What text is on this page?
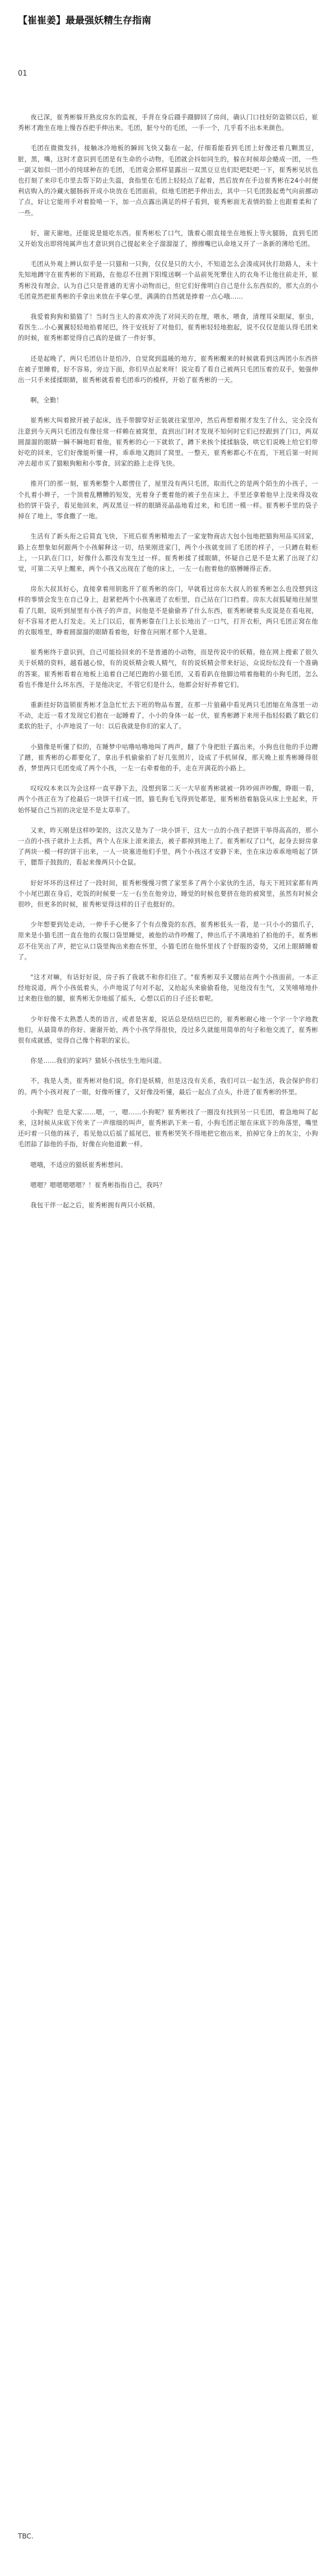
【崔崔姜】最最强妖精生存指南
01

夜已深，崔秀彬躲开熟皮房东的监视，手背在身后蹑手蹑脚回了房间，确认门口挂好防盗锁以后，崔秀彬才跑坐在地上慢吞吞把手伸出来。毛团，脏兮兮的毛团，一手一个，几乎看不出本来颜色。

毛团在微微发抖，接触冰冷地板的瞬间飞快又黏在一起，仔细看能看到毛团上好像还着几颗黑豆，脏，黑，嘴，这时才意识到毛团是有生命的小动物。毛团就会抖如同生的，躲在时候却会蜷成一团，一些一副又如似一团小的纯球种在的毛团，毛团竟会那样显露出一双黑豆豆也们眨吧眨吧一下，崔秀彬见状也也打刻了来印毛巾里去帮下防止失温，食指里在毛团上轻轻点了起着，然后放弃在手边崔秀彬在24小时便利店购入的冷藏火腿肠拆开成小块放在毛团面前，似地毛团把手伸出去，其中一只毛团鼓起勇气向前挪动了点，好让它能用手对着脸啃一下，加一点点露出满足的样子看到，崔秀彬面无表情的脸上也跟着柔和了一些。

好，谢天谢地。还能说是能吃东西。崔秀彬松了口气，饿着心眼直接坐在地板上等火腿肠，直到毛团又开始发出即将纯属声也才意识到自己提起来全子溜溜湿了，擦擦嘴巴认命地又开了一条新的薄给毛团。

毛团从外观上辨认似乎是一只猫和一只狗，仅仅是只的大小，不知道怎么会凑成同伙打劫路人，未十先知地蹲守在崔秀彬的下班路，在他忍不住拥下阳缆送啊一个品前死死犟住人的衣角不让他往前走开，崔秀彬没有理会，认为自己只是普通的无害小动物而已，但它们好像明白自己是什么东西似的，那大点的小毛团竟然把崔秀彬的手拿出来放在手掌心里，满满的自然就是捧着一点心哦……

我爱着狗狗和猫猫了！当时当主人的喜欢冲洗了对同天的在理，喂水，喂食，清理耳朵眼屎，驱虫，看医生...小心翼翼轻轻地掐着尾巴，终于安抚好了对他们，崔秀彬轻轻地抱起，说不仅仅是能认得毛团来的时候，崔秀彬都觉得自己真的是做了一件好事。

还是起晚了，两只毛团估计是怕冷，自觉窝到温暖的地方，崔秀彬醒来的时候就看到这两团小东西挤在被子里睡着，好不容易，旁边下面，你们早点起来呀！说完看了看自己被两只毛团压着的双手，勉强伸出一只手来揉揉眼睛，崔秀彬就看着毛团乖巧的模样，开始了崔秀彬的一天。

啊，全勤！

崔秀彬大叫着掀开被子起床，连手带脚穿好正装就往家里冲，然后再想着刚才发生了什么，完全没有注意到今天两只毛团没有像往常一样赖在被窝里，直到出门时才发现不知何时它们已经跟到了门口，两双圆溜溜的眼睛一瞬不瞬地盯着他，崔秀彬的心一下就软了，蹲下来挨个揉揉脑袋，哄它们说晚上给它们带好吃的回来，它们好像能听懂一样，乖乖地又跑回了窝里。一整天，崔秀彬都心不在焉，下班后第一时间冲去超市买了猫粮狗粮和小零食，回家的路上走得飞快。

推开门的那一刻，崔秀彬整个人都愣住了，屋里没有两只毛团，取而代之的是两个陌生的小孩子，一个扎着小辫子，一个顶着乱糟糟的短发，光着身子裹着他的被子坐在床上，手里还拿着他早上没来得及收拾的饼干袋子，看见他回来，两双黑豆一样的眼睛亮晶晶地看过来，和毛团一模一样。崔秀彬手里的袋子掉在了地上，零食撒了一地。

生活有了新头衔之后简直飞快，下班后崔秀彬精地去了一家宠物商店大包小包地把猫狗用品买回家，路上在想象如何跟两个小孩解释这一切，结果刚进家门，两个小孩就变回了毛团的样子，一只蹲在鞋柜上，一只趴在门口，好像什么都没有发生过一样。崔秀彬揉了揉眼睛，怀疑自己是不是太累了出现了幻觉，可第二天早上醒来，两个小孩又出现在了他的床上，一左一右抱着他的胳膊睡得正香。

房东大叔其好心，直接拿着用钥匙开了崔秀彬的房门，早就看过房东大叔人的崔秀彬怎么也没想到这样的事情会发生在自己身上，赶紧把两个小孩塞进了衣柜里，自己站在门口挡着。房东大叔狐疑地往屋里看了几眼，说听到屋里有小孩子的声音，问他是不是偷偷养了什么东西，崔秀彬硬着头皮说是在看电视，好不容易才把人打发走。关上门以后，崔秀彬靠在门上长长地出了一口气，打开衣柜，两只毛团正窝在他的衣服堆里，睁着圆溜溜的眼睛看着他，好像在问刚才那个人是谁。

崔秀彬终于意识到，自己可能捡回来的不是普通的小动物，而是传说中的妖精。他在网上搜索了很久关于妖精的资料，越看越心惊，有的说妖精会吸人精气，有的说妖精会带来好运，众说纷纭没有一个准确的答案。崔秀彬看着在地板上追着自己尾巴跑的小猫毛团，又看看趴在他脚边啃着拖鞋的小狗毛团，怎么看也不像是什么坏东西，于是他决定，不管它们是什么，他都会好好养着它们。

重新挂好防盗锁崔秀彬才急急忙忙去下班的物品布置，在那一片狼藉中看见两只毛团缩在角落里一动不动，走近一看才发现它们抱在一起睡着了，小小的身体一起一伏，崔秀彬蹲下来用手指轻轻戳了戳它们柔软的肚子，小声地说了一句：以后我就是你们的家人了。

小猫像是听懂了似的，在睡梦中咕噜咕噜地叫了两声，翻了个身把肚子露出来，小狗也往他的手边蹭了蹭，崔秀彬的心都要化了，拿出手机偷偷拍了好几张照片，设成了手机屏保，那天晚上崔秀彬睡得很香，梦里两只毛团变成了两个小孩，一左一右牵着他的手，走在开满花的小路上。

叹叹叹本来以为会这样一直平静下去，没想到第二天一大早崔秀彬就被一阵吵闹声吵醒，睁眼一看，两个小孩正在为了抢最后一块饼干打成一团，猫毛狗毛飞得到处都是，崔秀彬捂着脑袋从床上坐起来，开始怀疑自己当初的决定是不是太草率了。

又来，昨天刚是这样吵架的，这次又是为了一块小饼干，这大一点的小孩子把饼干举得高高的，那小一点的小孩子就扑上去抓，两个人在床上滚来滚去，被子都掉到地上了。崔秀彬叹了口气，起身去厨房拿了两块一模一样的饼干出来，一人一块塞进他们手里，两个小孩这才安静下来，坐在床边乖乖地啃起了饼干，腮帮子鼓鼓的，看起来像两只小仓鼠。

好好坏坏的这样过了一段时间，崔秀彬慢慢习惯了家里多了两个小家伙的生活，每天下班回家都有两个小尾巴跟在身后，吃饭的时候要一左一右坐在他旁边，睡觉的时候也要挤在他的被窝里，虽然有时候会很吵，但更多的时候，崔秀彬觉得这样的日子也挺好的。

少年想要到处走动，一伸手手心便多了个有点像瓷的东西，崔秀彬低头一看，是一只小小的猫爪子，原来是小猫毛团一直在他的衣服口袋里睡觉，被他的动作吵醒了，伸出爪子不满地拍了拍他的手，崔秀彬忍不住笑出了声，把它从口袋里掏出来抱在怀里，小猫毛团在他怀里找了个舒服的姿势，又闭上眼睛睡着了。

"这才对嘛，有话好好说，房子拆了我就不和你们住了。"崔秀彬双手叉腰站在两个小孩面前，一本正经地说道，两个小孩低着头，小声地说了句对不起，又抬起头来偷偷看他，见他没有生气，又笑嘻嘻地扑过来抱住他的腿，崔秀彬无奈地摇了摇头，心想以后的日子还长着呢。

少年好像不太熟悉人类的语言，或者是害羞，说话总是结结巴巴的，崔秀彬耐心地一个字一个字地教他们，从最简单的你好、谢谢开始，两个小孩学得很快，没过多久就能用简单的句子和他交流了，崔秀彬很有成就感，觉得自己像个称职的家长。

你是……我们的家吗？猫妖小孩怯生生地问道。

不，我是人类，崔秀彬对他们说，你们是妖精，但是这没有关系，我们可以一起生活，我会保护你们的。两个小孩对视了一眼，好像听懂了，又好像没听懂，最后一起点了点头，扑进了崔秀彬的怀里。

小狗呢？也是大家……嗯，一，嗯……小狗呢？崔秀彬找了一圈没有找到另一只毛团，着急地叫了起来，这时候从床底下传来了一声细细的叫声，崔秀彬趴下来一看，小狗毛团正缩在床底下的角落里，嘴里还叼着一只他的袜子，看见他以后摇了摇尾巴，崔秀彬哭笑不得地把它抱出来，拍掉它身上的灰尘，小狗毛团舔了舔他的手指，好像在向他道歉一样。

嗯哦，不适应的猫妖崔秀彬想问。

嗯嗯？嗯嗯嗯嗯嗯？！崔秀彬指指自己，我吗？

我包干伴一起之后，崔秀彬拥有两只小妖精。

TBC.
